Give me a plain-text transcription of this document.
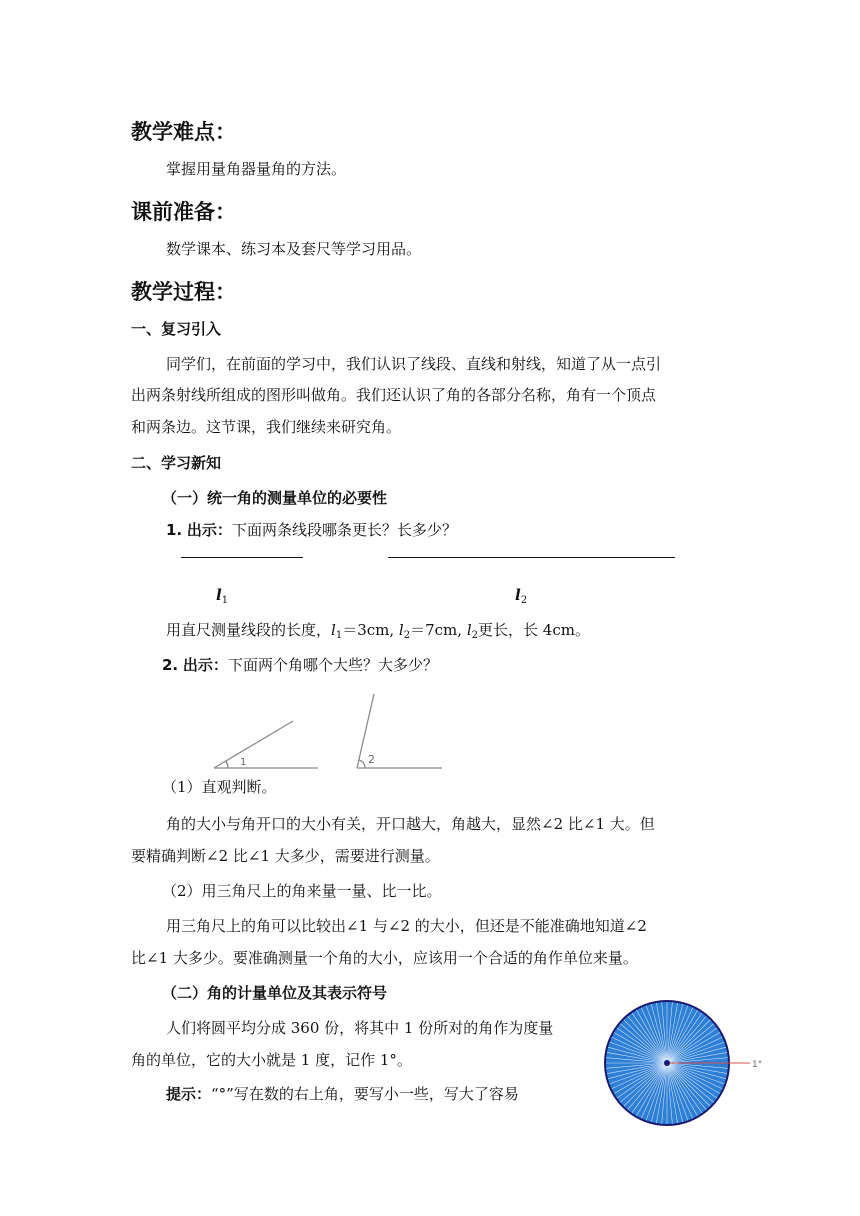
教学难点：
掌握用量角器量角的方法。
课前准备：
数学课本、练习本及套尺等学习用品。
教学过程：
一、复习引入
同学们，在前面的学习中，我们认识了线段、直线和射线，知道了从一点引
出两条射线所组成的图形叫做角。我们还认识了角的各部分名称，角有一个顶点
和两条边。这节课，我们继续来研究角。
二、学习新知
（一）统一角的测量单位的必要性
1. 出示：下面两条线段哪条更长？长多少？
$l_1$	$l_2$
用直尺测量线段的长度，$l_1=3cm$, $l_2=7cm$, $l_2$更长，长 4cm。
2. 出示：下面两个角哪个大些？大多少？
1	2
（1）直观判断。
角的大小与角开口的大小有关，开口越大，角越大，显然∠2 比∠1 大。但
要精确判断∠2 比∠1 大多少，需要进行测量。
（2）用三角尺上的角来量一量、比一比。
用三角尺上的角可以比较出∠1 与∠2 的大小，但还是不能准确地知道∠2
比∠1 大多少。要准确测量一个角的大小，应该用一个合适的角作单位来量。
（二）角的计量单位及其表示符号
人们将圆平均分成 360 份，将其中 1 份所对的角作为度量
角的单位，它的大小就是 1 度，记作 1°。
提示：“°”写在数的右上角，要写小一些，写大了容易
1°
